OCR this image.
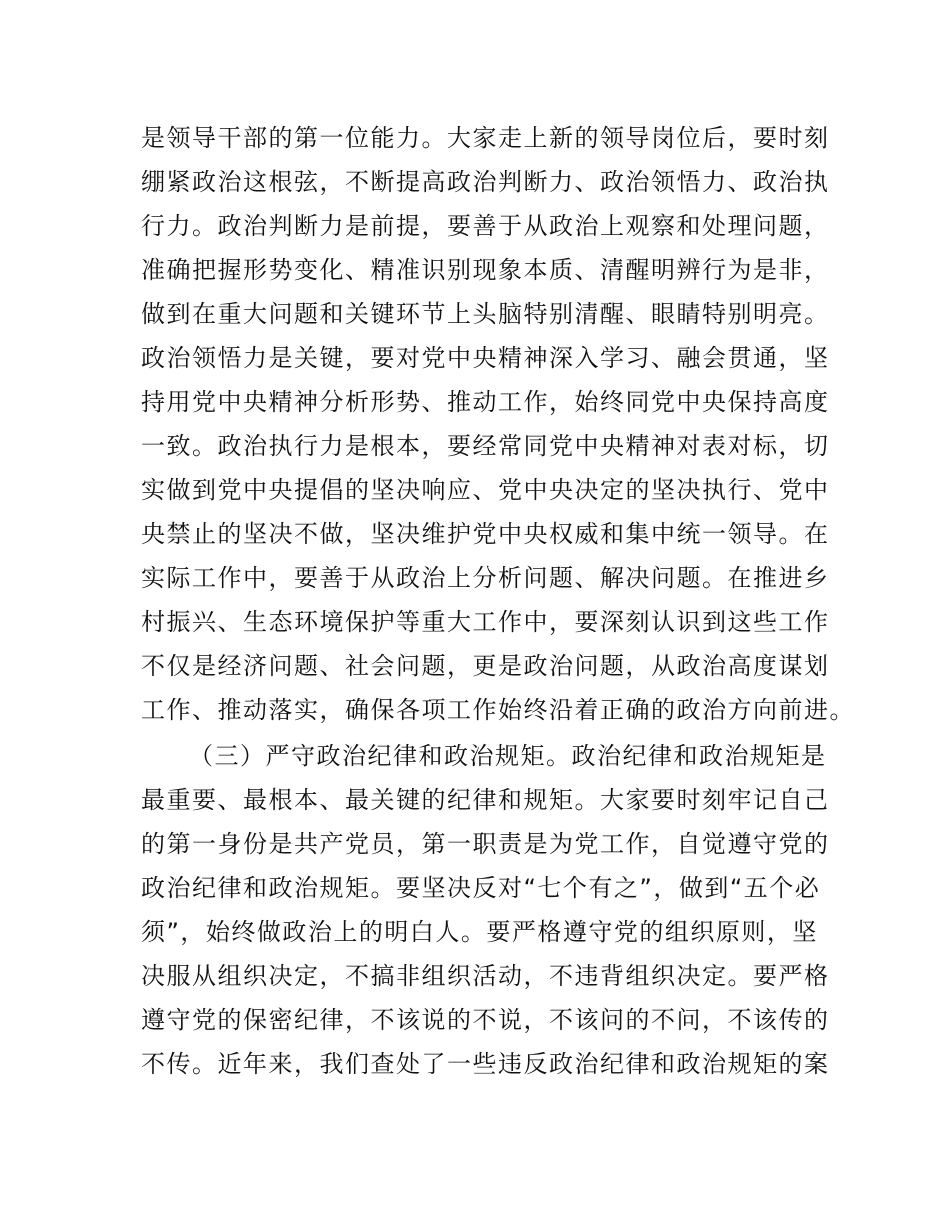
是领导干部的第一位能力。大家走上新的领导岗位后，要时刻
绷紧政治这根弦，不断提高政治判断力、政治领悟力、政治执
行力。政治判断力是前提，要善于从政治上观察和处理问题，
准确把握形势变化、精准识别现象本质、清醒明辨行为是非，
做到在重大问题和关键环节上头脑特别清醒、眼睛特别明亮。
政治领悟力是关键，要对党中央精神深入学习、融会贯通，坚
持用党中央精神分析形势、推动工作，始终同党中央保持高度
一致。政治执行力是根本，要经常同党中央精神对表对标，切
实做到党中央提倡的坚决响应、党中央决定的坚决执行、党中
央禁止的坚决不做，坚决维护党中央权威和集中统一领导。在
实际工作中，要善于从政治上分析问题、解决问题。在推进乡
村振兴、生态环境保护等重大工作中，要深刻认识到这些工作
不仅是经济问题、社会问题，更是政治问题，从政治高度谋划
工作、推动落实，确保各项工作始终沿着正确的政治方向前进。
（三）严守政治纪律和政治规矩。政治纪律和政治规矩是
最重要、最根本、最关键的纪律和规矩。大家要时刻牢记自己
的第一身份是共产党员，第一职责是为党工作，自觉遵守党的
政治纪律和政治规矩。要坚决反对“七个有之”，做到“五个必
须”，始终做政治上的明白人。要严格遵守党的组织原则，坚
决服从组织决定，不搞非组织活动，不违背组织决定。要严格
遵守党的保密纪律，不该说的不说，不该问的不问，不该传的
不传。近年来，我们查处了一些违反政治纪律和政治规矩的案
